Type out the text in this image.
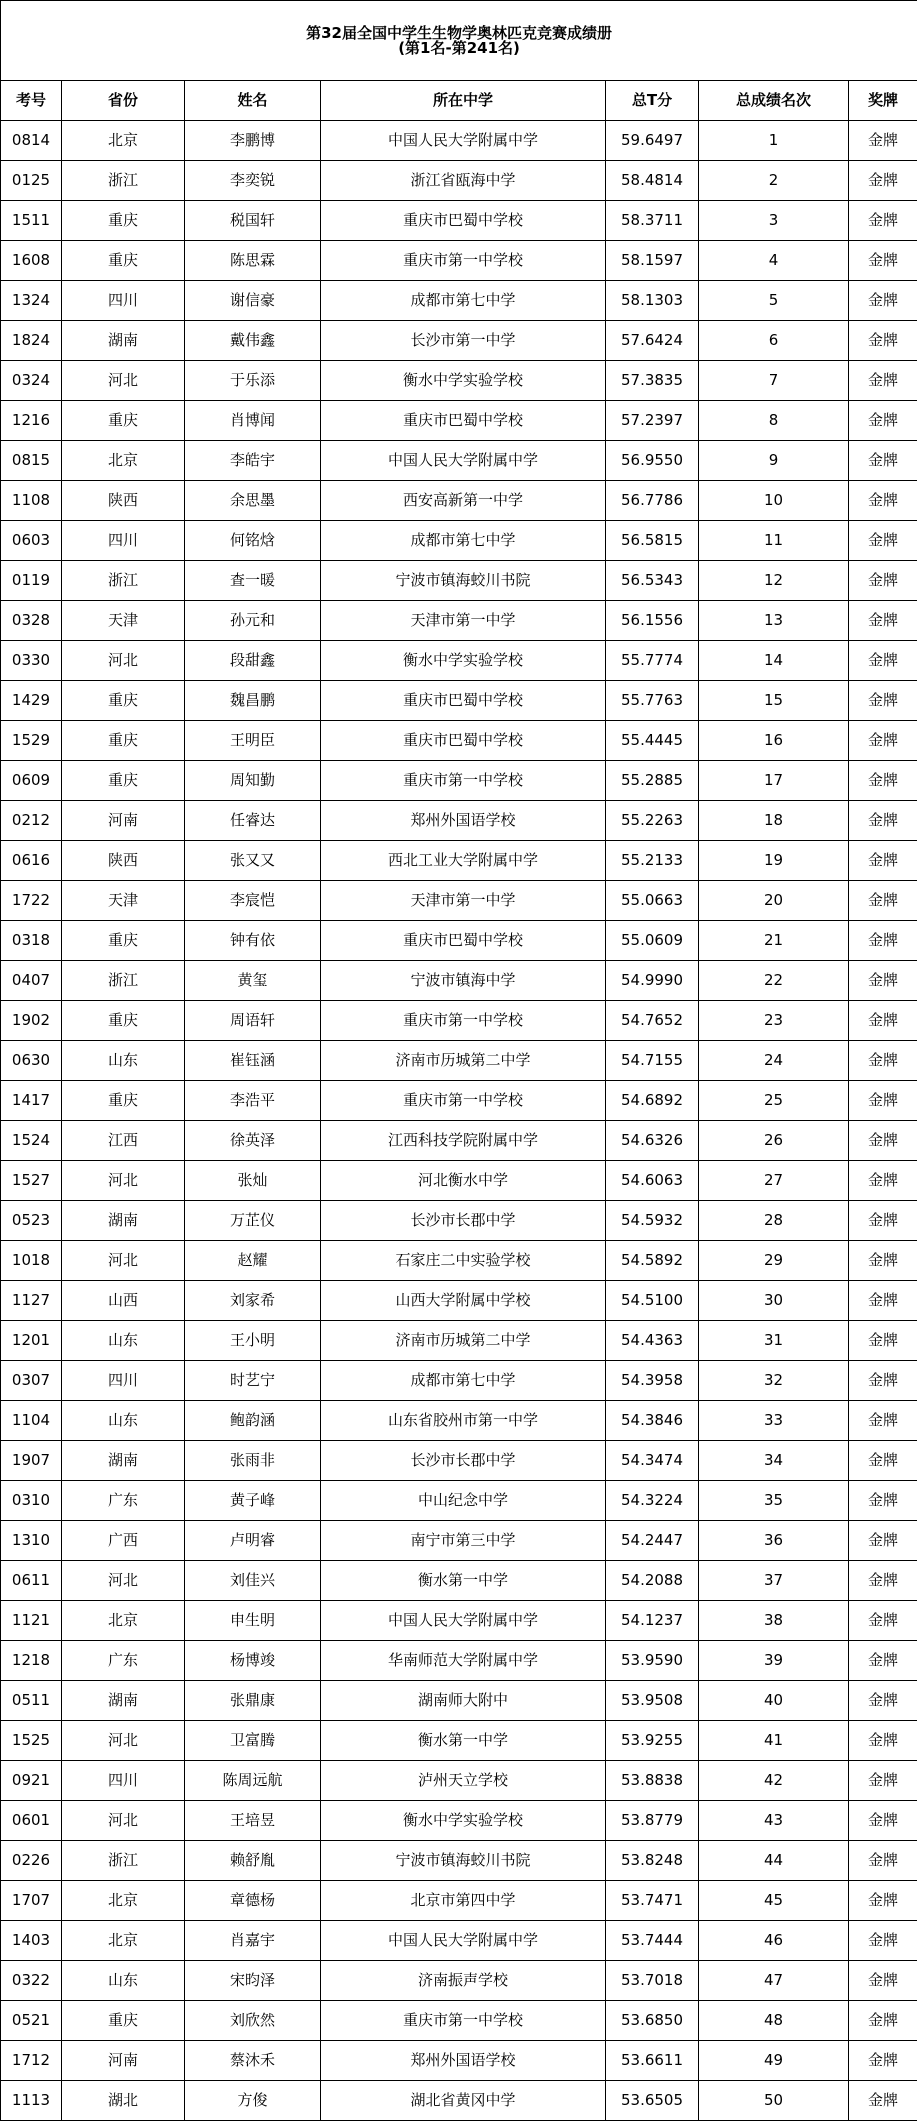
第32届全国中学生生物学奥林匹克竞赛成绩册
(第1名-第241名)						

考号	省份	姓名	所在中学	总T分	总成绩名次	奖牌
0814	北京	李鹏博	中国人民大学附属中学	59.6497	1	金牌
0125	浙江	李奕锐	浙江省瓯海中学	58.4814	2	金牌
1511	重庆	税国轩	重庆市巴蜀中学校	58.3711	3	金牌
1608	重庆	陈思霖	重庆市第一中学校	58.1597	4	金牌
1324	四川	谢信豪	成都市第七中学	58.1303	5	金牌
1824	湖南	戴伟鑫	长沙市第一中学	57.6424	6	金牌
0324	河北	于乐添	衡水中学实验学校	57.3835	7	金牌
1216	重庆	肖博闻	重庆市巴蜀中学校	57.2397	8	金牌
0815	北京	李皓宇	中国人民大学附属中学	56.9550	9	金牌
1108	陕西	余思墨	西安高新第一中学	56.7786	10	金牌
0603	四川	何铭焓	成都市第七中学	56.5815	11	金牌
0119	浙江	查一暖	宁波市镇海蛟川书院	56.5343	12	金牌
0328	天津	孙元和	天津市第一中学	56.1556	13	金牌
0330	河北	段甜鑫	衡水中学实验学校	55.7774	14	金牌
1429	重庆	魏昌鹏	重庆市巴蜀中学校	55.7763	15	金牌
1529	重庆	王明臣	重庆市巴蜀中学校	55.4445	16	金牌
0609	重庆	周知勤	重庆市第一中学校	55.2885	17	金牌
0212	河南	任睿达	郑州外国语学校	55.2263	18	金牌
0616	陕西	张又又	西北工业大学附属中学	55.2133	19	金牌
1722	天津	李宸恺	天津市第一中学	55.0663	20	金牌
0318	重庆	钟有依	重庆市巴蜀中学校	55.0609	21	金牌
0407	浙江	黄玺	宁波市镇海中学	54.9990	22	金牌
1902	重庆	周语轩	重庆市第一中学校	54.7652	23	金牌
0630	山东	崔钰涵	济南市历城第二中学	54.7155	24	金牌
1417	重庆	李浩平	重庆市第一中学校	54.6892	25	金牌
1524	江西	徐英泽	江西科技学院附属中学	54.6326	26	金牌
1527	河北	张灿	河北衡水中学	54.6063	27	金牌
0523	湖南	万芷仪	长沙市长郡中学	54.5932	28	金牌
1018	河北	赵耀	石家庄二中实验学校	54.5892	29	金牌
1127	山西	刘家希	山西大学附属中学校	54.5100	30	金牌
1201	山东	王小明	济南市历城第二中学	54.4363	31	金牌
0307	四川	时艺宁	成都市第七中学	54.3958	32	金牌
1104	山东	鲍韵涵	山东省胶州市第一中学	54.3846	33	金牌
1907	湖南	张雨非	长沙市长郡中学	54.3474	34	金牌
0310	广东	黄子峰	中山纪念中学	54.3224	35	金牌
1310	广西	卢明睿	南宁市第三中学	54.2447	36	金牌
0611	河北	刘佳兴	衡水第一中学	54.2088	37	金牌
1121	北京	申生明	中国人民大学附属中学	54.1237	38	金牌
1218	广东	杨博竣	华南师范大学附属中学	53.9590	39	金牌
0511	湖南	张鼎康	湖南师大附中	53.9508	40	金牌
1525	河北	卫富腾	衡水第一中学	53.9255	41	金牌
0921	四川	陈周远航	泸州天立学校	53.8838	42	金牌
0601	河北	王培昱	衡水中学实验学校	53.8779	43	金牌
0226	浙江	赖舒胤	宁波市镇海蛟川书院	53.8248	44	金牌
1707	北京	章德杨	北京市第四中学	53.7471	45	金牌
1403	北京	肖嘉宇	中国人民大学附属中学	53.7444	46	金牌
0322	山东	宋昀泽	济南振声学校	53.7018	47	金牌
0521	重庆	刘欣然	重庆市第一中学校	53.6850	48	金牌
1712	河南	蔡沐禾	郑州外国语学校	53.6611	49	金牌
1113	湖北	方俊	湖北省黄冈中学	53.6505	50	金牌
